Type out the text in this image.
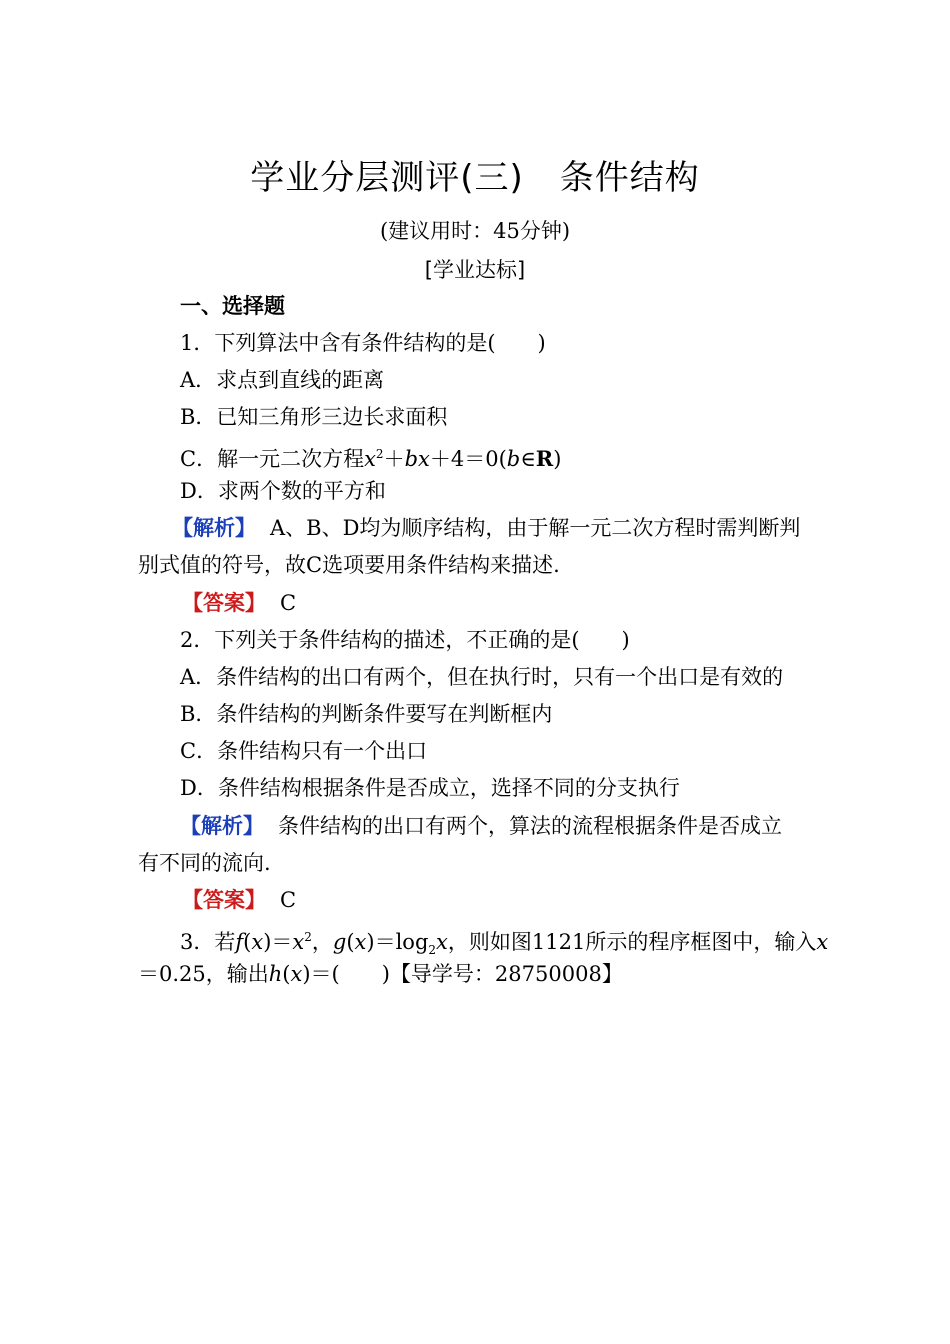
学业分层测评(三) 条件结构
(建议用时：45分钟)
[学业达标]
一、选择题
1．下列算法中含有条件结构的是(　　)
A．求点到直线的距离
B．已知三角形三边长求面积
C．解一元二次方程$x^2+bx+4=0(b\in R)$
D．求两个数的平方和
【解析】 A、B、D均为顺序结构，由于解一元二次方程时需判断判
别式值的符号，故C选项要用条件结构来描述.
【答案】 C
2．下列关于条件结构的描述，不正确的是(　　)
A．条件结构的出口有两个，但在执行时，只有一个出口是有效的
B．条件结构的判断条件要写在判断框内
C．条件结构只有一个出口
D．条件结构根据条件是否成立，选择不同的分支执行
【解析】 条件结构的出口有两个，算法的流程根据条件是否成立
有不同的流向.
【答案】 C
3．若$f(x)=x^2$，$g(x)=\log_2x$，则如图1121所示的程序框图中，输入x
＝0.25，输出h(x)＝(　　)【导学号：28750008】
